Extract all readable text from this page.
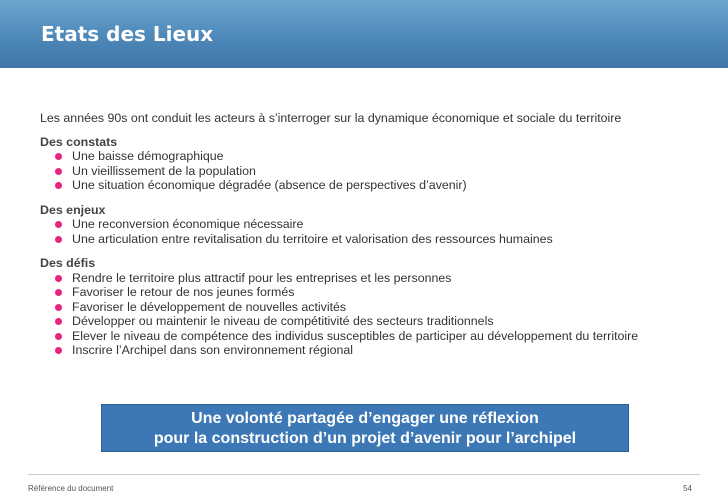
Etats des Lieux

Les années 90s ont conduit les acteurs à s’interroger sur la dynamique économique et sociale du territoire

Des constats
Une baisse démographique
Un vieillissement de la population
Une situation économique dégradée (absence de perspectives d’avenir)
Des enjeux
Une reconversion économique nécessaire
Une articulation entre revitalisation du territoire et valorisation des ressources humaines
Des défis
Rendre le territoire plus attractif pour les entreprises et les personnes
Favoriser le retour de nos jeunes formés
Favoriser le développement de nouvelles activités
Développer ou maintenir le niveau de compétitivité des secteurs traditionnels
Elever le niveau de compétence des individus susceptibles de participer au développement du territoire
Inscrire l’Archipel dans son environnement régional
Une volonté partagée d’engager une réflexion
pour la construction d’un projet d’avenir pour l’archipel
Référence du document	54
